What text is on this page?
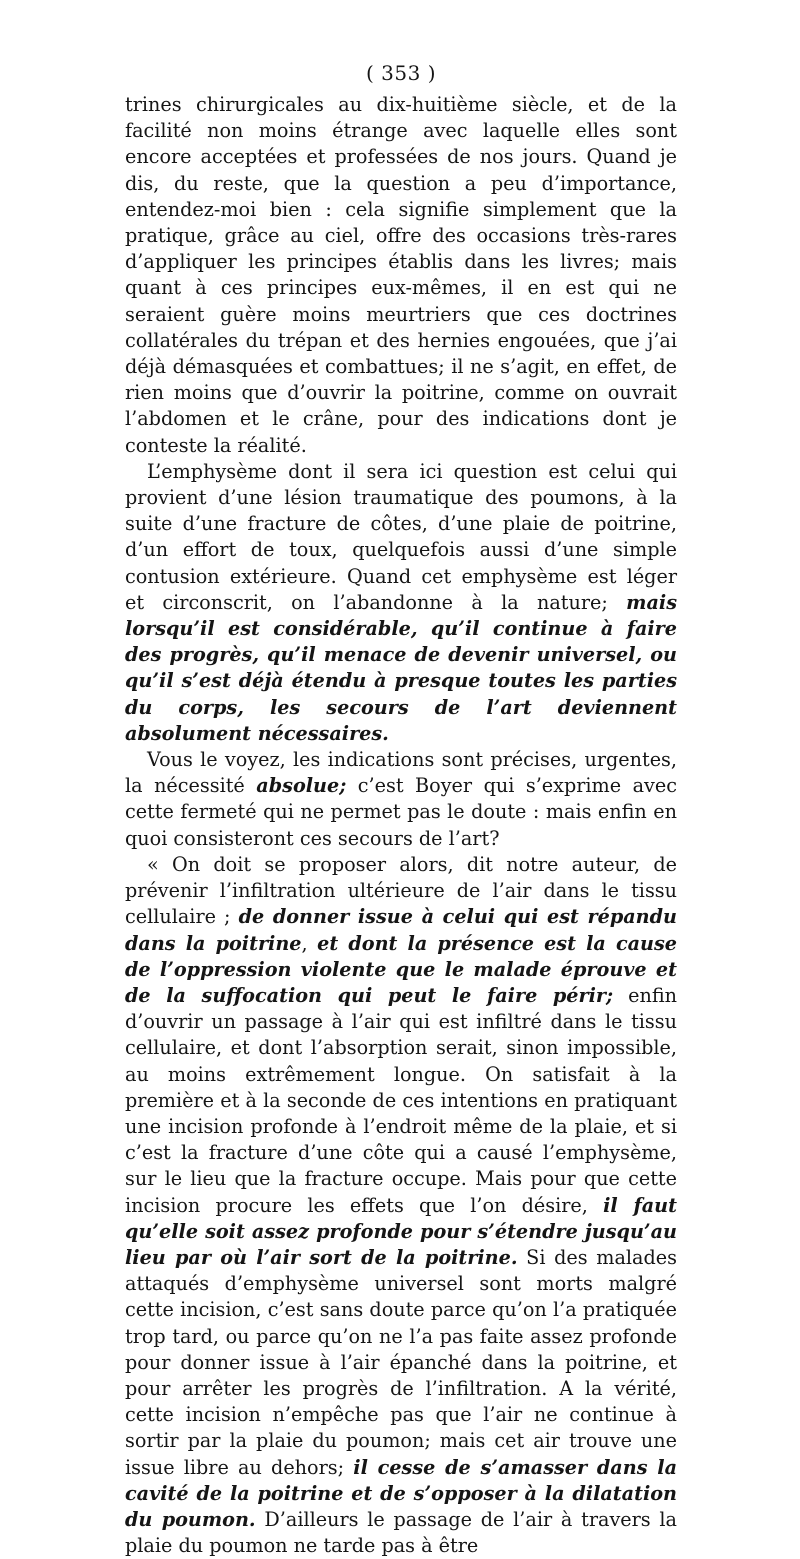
( 353 )

trines chirurgicales au dix-huitième siècle, et de la facilité non moins étrange avec laquelle elles sont encore acceptées et professées de nos jours. Quand je dis, du reste, que la question a peu d’importance, entendez-moi bien : cela signifie simplement que la pratique, grâce au ciel, offre des occasions très-rares d’appliquer les principes établis dans les livres; mais quant à ces principes eux-mêmes, il en est qui ne seraient guère moins meurtriers que ces doctrines collatérales du trépan et des hernies engouées, que j’ai déjà démasquées et combattues; il ne s’agit, en effet, de rien moins que d’ouvrir la poitrine, comme on ouvrait l’abdomen et le crâne, pour des indications dont je conteste la réalité.

L’emphysème dont il sera ici question est celui qui provient d’une lésion traumatique des poumons, à la suite d’une fracture de côtes, d’une plaie de poitrine, d’un effort de toux, quelquefois aussi d’une simple contusion extérieure. Quand cet emphysème est léger et circonscrit, on l’abandonne à la nature; mais lorsqu’il est considérable, qu’il continue à faire des progrès, qu’il menace de devenir universel, ou qu’il s’est déjà étendu à presque toutes les parties du corps, les secours de l’art deviennent absolument nécessaires.

Vous le voyez, les indications sont précises, urgentes, la nécessité absolue; c’est Boyer qui s’exprime avec cette fermeté qui ne permet pas le doute : mais enfin en quoi consisteront ces secours de l’art?

« On doit se proposer alors, dit notre auteur, de prévenir l’infiltration ultérieure de l’air dans le tissu cellulaire ; de donner issue à celui qui est répandu dans la poitrine, et dont la présence est la cause de l’oppression violente que le malade éprouve et de la suffocation qui peut le faire périr; enfin d’ouvrir un passage à l’air qui est infiltré dans le tissu cellulaire, et dont l’absorption serait, sinon impossible, au moins extrêmement longue. On satisfait à la première et à la seconde de ces intentions en pratiquant une incision profonde à l’endroit même de la plaie, et si c’est la fracture d’une côte qui a causé l’emphysème, sur le lieu que la fracture occupe. Mais pour que cette incision procure les effets que l’on désire, il faut qu’elle soit assez profonde pour s’étendre jusqu’au lieu par où l’air sort de la poitrine. Si des malades attaqués d’emphysème universel sont morts malgré cette incision, c’est sans doute parce qu’on l’a pratiquée trop tard, ou parce qu’on ne l’a pas faite assez profonde pour donner issue à l’air épanché dans la poitrine, et pour arrêter les progrès de l’infiltration. A la vérité, cette incision n’empêche pas que l’air ne continue à sortir par la plaie du poumon; mais cet air trouve une issue libre au dehors; il cesse de s’amasser dans la cavité de la poitrine et de s’opposer à la dilatation du poumon. D’ailleurs le passage de l’air à travers la plaie du poumon ne tarde pas à être
